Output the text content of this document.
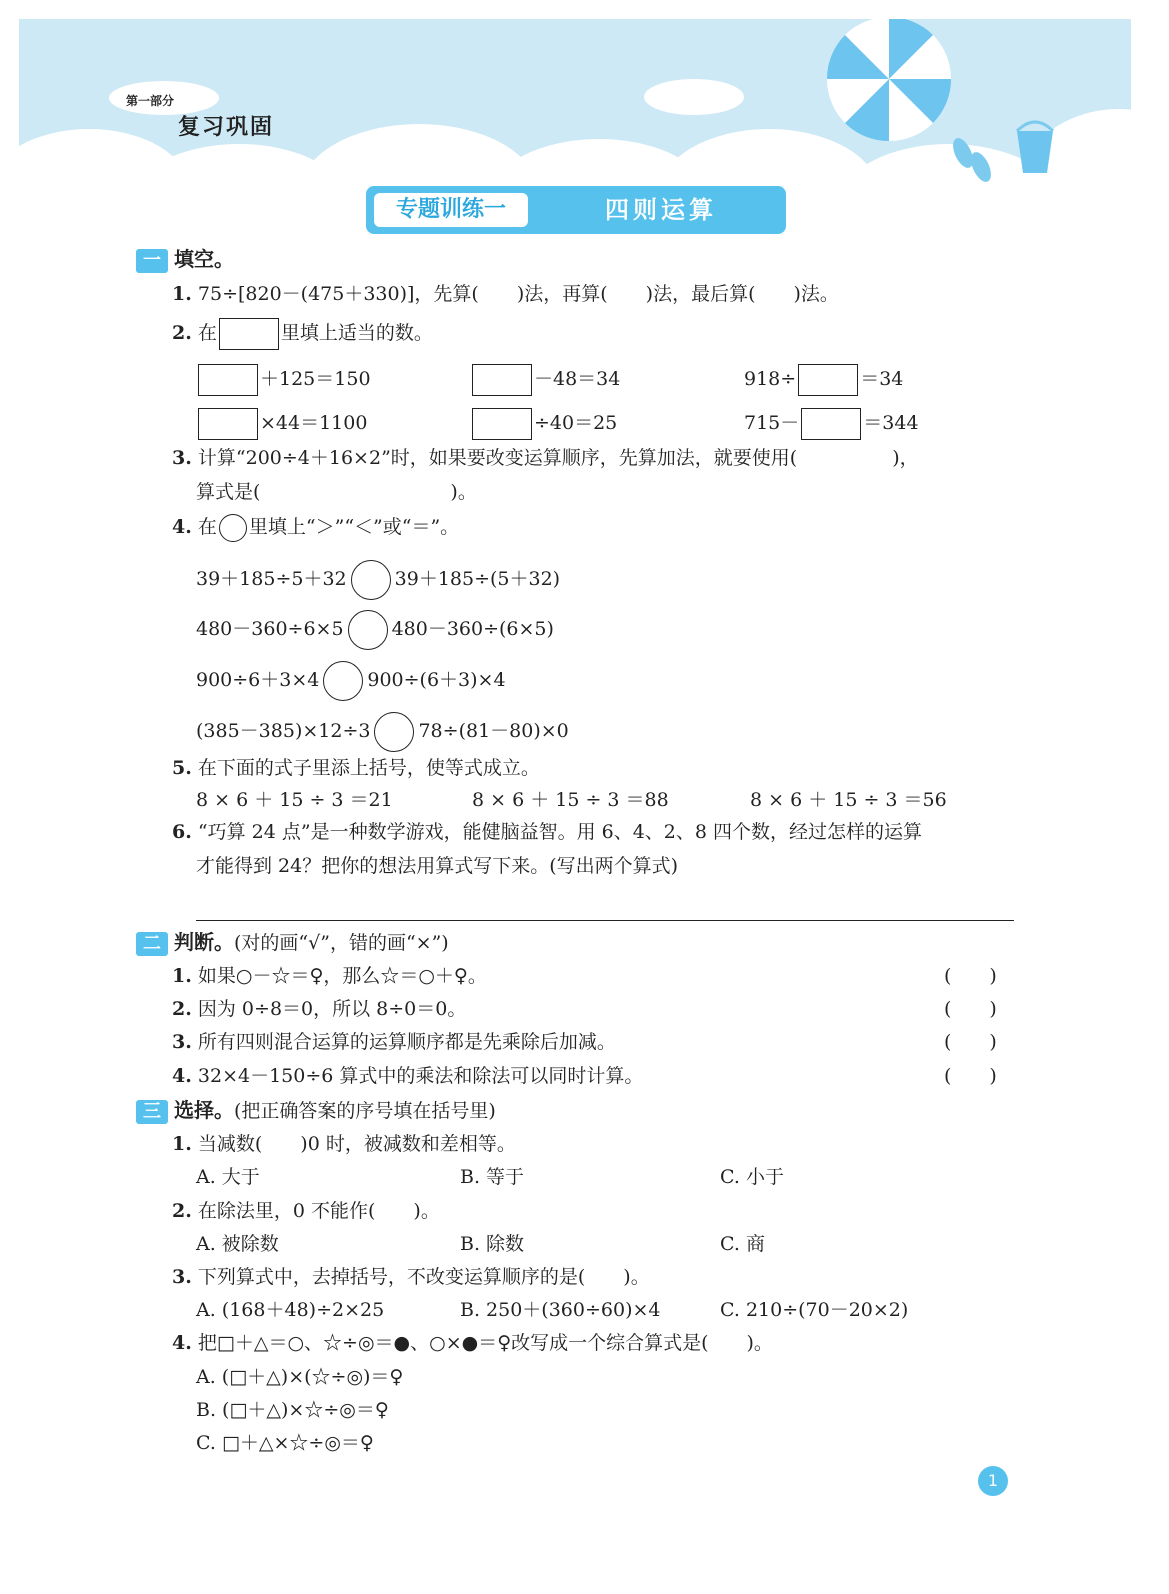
第一部分
复习巩固
专题训练一	四则运算
一 填空。
1. 75÷[820－(475＋330)]，先算(　　)法，再算(　　)法，最后算(　　)法。
2. 在	里填上适当的数。
＋125＝150	－48＝34	918÷	＝34
×44＝1100	÷40＝25	715－	＝344
3. 计算“200÷4＋16×2”时，如果要改变运算顺序，先算加法，就要使用(　　　　　)，
算式是(　　　　　　　　　　)。
4. 在 里填上“＞”“＜”或“＝”。
39＋185÷5＋32	39＋185÷(5＋32)
480－360÷6×5	480－360÷(6×5)
900÷6＋3×4	900÷(6＋3)×4
(385－385)×12÷3	78÷(81－80)×0
5. 在下面的式子里添上括号，使等式成立。
8 × 6 ＋ 15 ÷ 3 ＝21	8 × 6 ＋ 15 ÷ 3 ＝88	8 × 6 ＋ 15 ÷ 3 ＝56
6. “巧算 24 点”是一种数学游戏，能健脑益智。用 6、4、2、8 四个数，经过怎样的运算
才能得到 24？把你的想法用算式写下来。(写出两个算式)
二 判断。(对的画“√”，错的画“×”)
1. 如果○－☆＝♀，那么☆＝○＋♀。	(　　)
2. 因为 0÷8＝0，所以 8÷0＝0。	(　　)
3. 所有四则混合运算的运算顺序都是先乘除后加减。	(　　)
4. 32×4－150÷6 算式中的乘法和除法可以同时计算。	(　　)
三 选择。(把正确答案的序号填在括号里)
1. 当减数(　　)0 时，被减数和差相等。
A. 大于	B. 等于	C. 小于
2. 在除法里，0 不能作(　　)。
A. 被除数	B. 除数	C. 商
3. 下列算式中，去掉括号，不改变运算顺序的是(　　)。
A. (168＋48)÷2×25	B. 250＋(360÷60)×4	C. 210÷(70－20×2)
4. 把□＋△＝○、☆÷◎＝●、○×●＝♀改写成一个综合算式是(　　)。
A. (□＋△)×(☆÷◎)＝♀
B. (□＋△)×☆÷◎＝♀
C. □＋△×☆÷◎＝♀
1
